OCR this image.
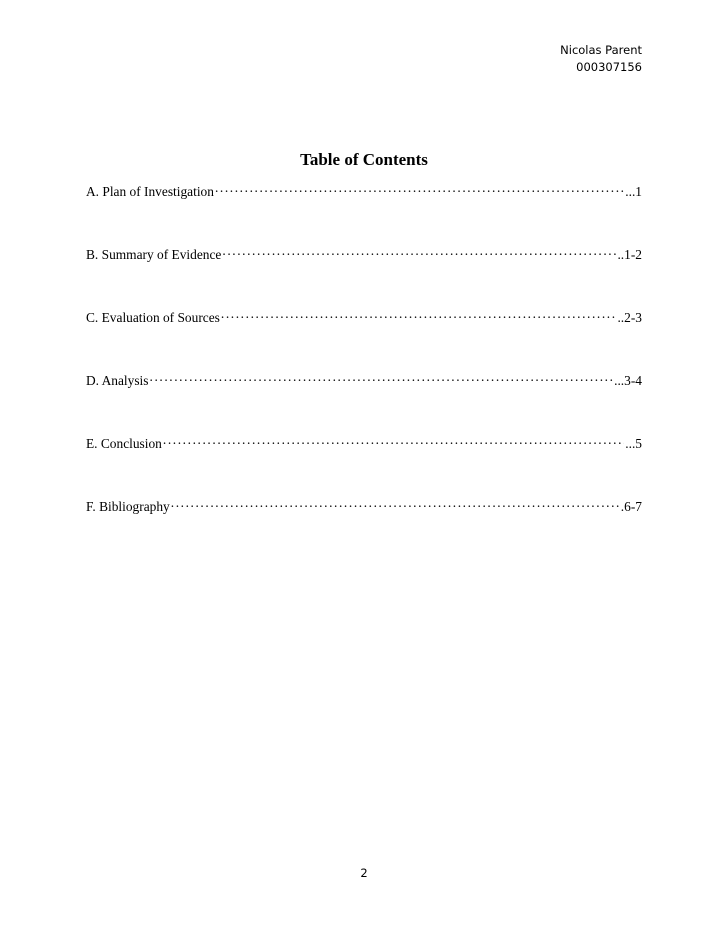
Nicolas Parent
000307156
Table of Contents
A. Plan of Investigation .....	...1
B. Summary of Evidence .....	..1-2
C. Evaluation of Sources .....	..2-3
D. Analysis .....	...3-4
E. Conclusion .....	...5
F. Bibliography .....	.6-7
2
